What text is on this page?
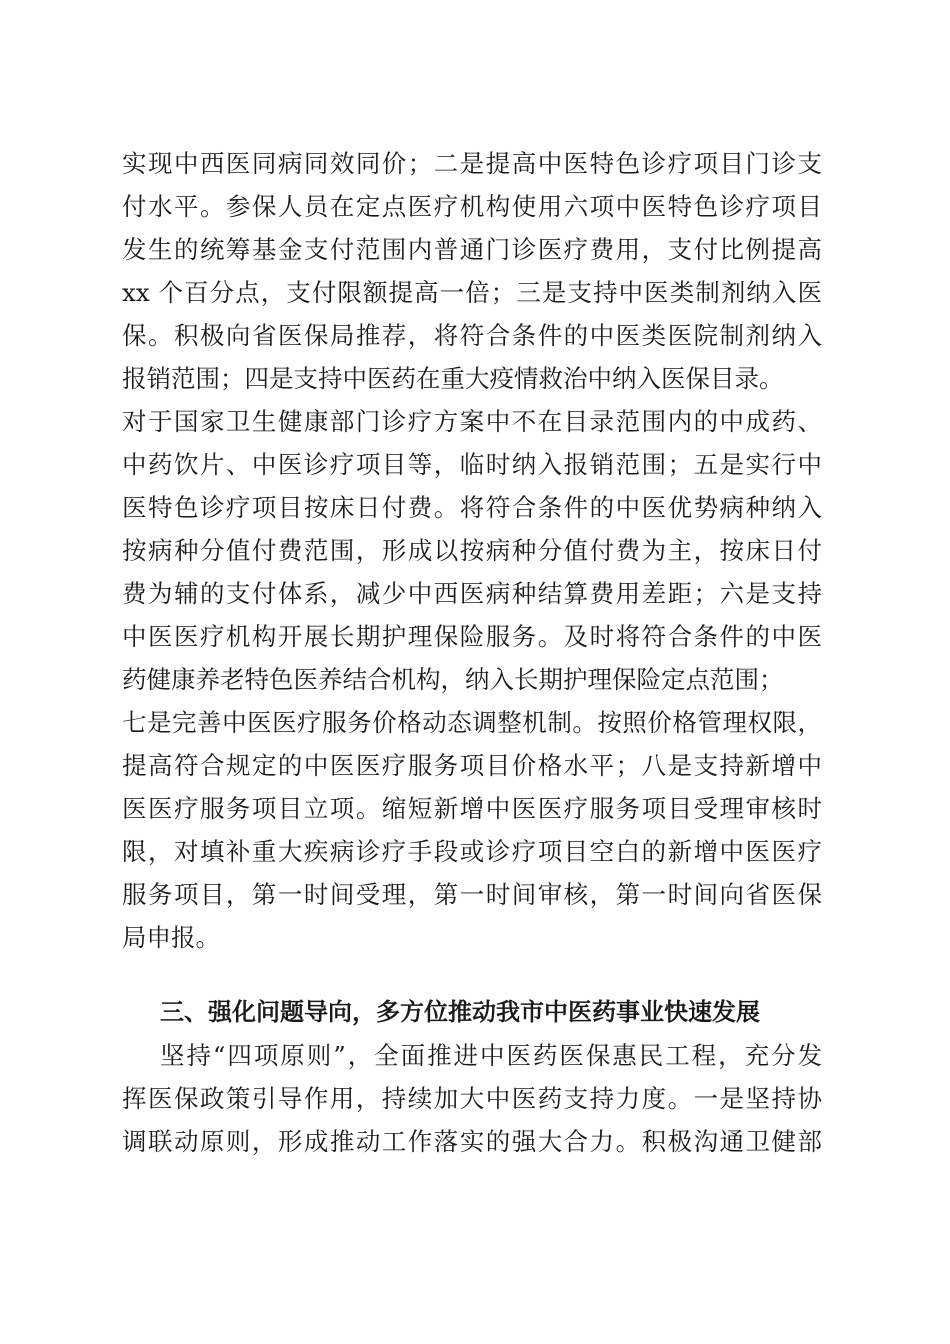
实现中西医同病同效同价；二是提高中医特色诊疗项目门诊支
付水平。参保人员在定点医疗机构使用六项中医特色诊疗项目
发生的统筹基金支付范围内普通门诊医疗费用，支付比例提高
xx 个百分点，支付限额提高一倍；三是支持中医类制剂纳入医
保。积极向省医保局推荐，将符合条件的中医类医院制剂纳入
报销范围；四是支持中医药在重大疫情救治中纳入医保目录。
对于国家卫生健康部门诊疗方案中不在目录范围内的中成药、
中药饮片、中医诊疗项目等，临时纳入报销范围；五是实行中
医特色诊疗项目按床日付费。将符合条件的中医优势病种纳入
按病种分值付费范围，形成以按病种分值付费为主，按床日付
费为辅的支付体系，减少中西医病种结算费用差距；六是支持
中医医疗机构开展长期护理保险服务。及时将符合条件的中医
药健康养老特色医养结合机构，纳入长期护理保险定点范围；
七是完善中医医疗服务价格动态调整机制。按照价格管理权限，
提高符合规定的中医医疗服务项目价格水平；八是支持新增中
医医疗服务项目立项。缩短新增中医医疗服务项目受理审核时
限，对填补重大疾病诊疗手段或诊疗项目空白的新增中医医疗
服务项目，第一时间受理，第一时间审核，第一时间向省医保
局申报。
三、强化问题导向，多方位推动我市中医药事业快速发展
坚持“四项原则”，全面推进中医药医保惠民工程，充分发
挥医保政策引导作用，持续加大中医药支持力度。一是坚持协
调联动原则，形成推动工作落实的强大合力。积极沟通卫健部
